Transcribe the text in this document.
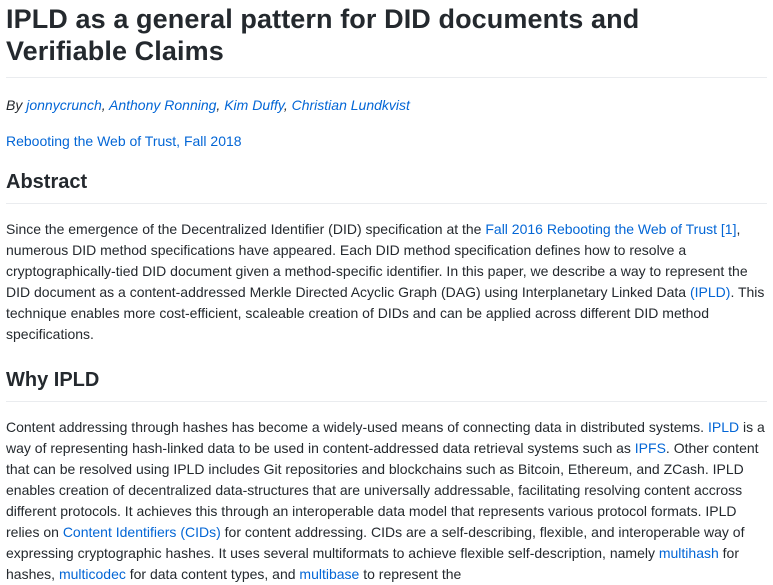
IPLD as a general pattern for DID documents and Verifiable Claims
By jonnycrunch, Anthony Ronning, Kim Duffy, Christian Lundkvist
Rebooting the Web of Trust, Fall 2018
Abstract

Since the emergence of the Decentralized Identifier (DID) specification at the Fall 2016 Rebooting the Web of Trust [1], numerous DID method specifications have appeared. Each DID method specification defines how to resolve a cryptographically-tied DID document given a method-specific identifier. In this paper, we describe a way to represent the DID document as a content-addressed Merkle Directed Acyclic Graph (DAG) using Interplanetary Linked Data (IPLD). This technique enables more cost-efficient, scaleable creation of DIDs and can be applied across different DID method specifications.

Why IPLD

Content addressing through hashes has become a widely-used means of connecting data in distributed systems. IPLD is a way of representing hash-linked data to be used in content-addressed data retrieval systems such as IPFS. Other content that can be resolved using IPLD includes Git repositories and blockchains such as Bitcoin, Ethereum, and ZCash. IPLD enables creation of decentralized data-structures that are universally addressable, facilitating resolving content accross different protocols. It achieves this through an interoperable data model that represents various protocol formats. IPLD relies on Content Identifiers (CIDs) for content addressing. CIDs are a self-describing, flexible, and interoperable way of expressing cryptographic hashes. It uses several multiformats to achieve flexible self-description, namely multihash for hashes, multicodec for data content types, and multibase to represent the
